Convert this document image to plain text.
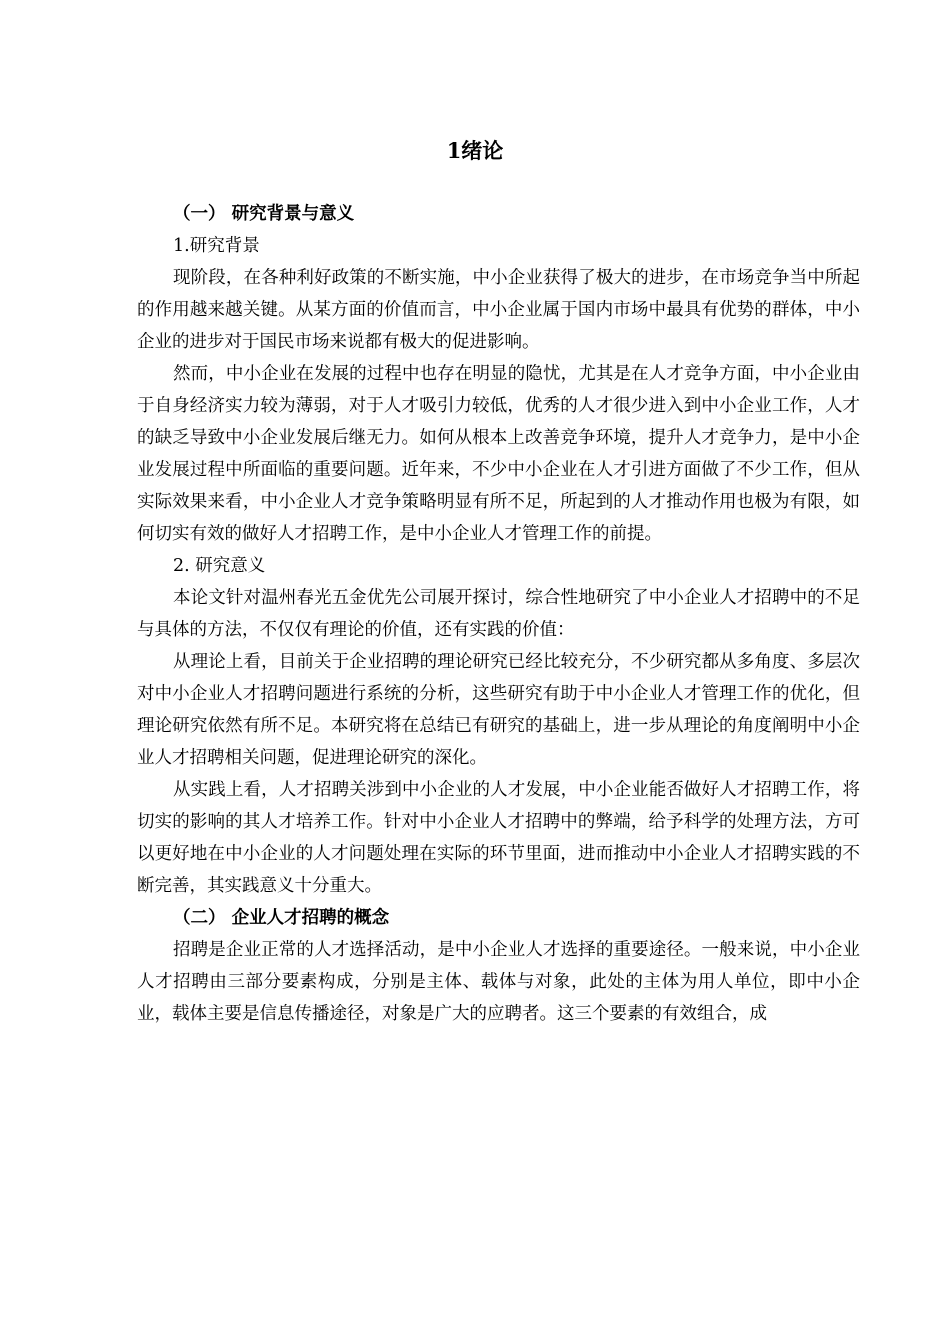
1绪论

（一） 研究背景与意义

1.研究背景

现阶段，在各种利好政策的不断实施，中小企业获得了极大的进步，在市场竞争当中所起的作用越来越关键。从某方面的价值而言，中小企业属于国内市场中最具有优势的群体，中小企业的进步对于国民市场来说都有极大的促进影响。

然而，中小企业在发展的过程中也存在明显的隐忧，尤其是在人才竞争方面，中小企业由于自身经济实力较为薄弱，对于人才吸引力较低，优秀的人才很少进入到中小企业工作，人才的缺乏导致中小企业发展后继无力。如何从根本上改善竞争环境，提升人才竞争力，是中小企业发展过程中所面临的重要问题。近年来，不少中小企业在人才引进方面做了不少工作，但从实际效果来看，中小企业人才竞争策略明显有所不足，所起到的人才推动作用也极为有限，如何切实有效的做好人才招聘工作，是中小企业人才管理工作的前提。

2. 研究意义

本论文针对温州春光五金优先公司展开探讨，综合性地研究了中小企业人才招聘中的不足与具体的方法，不仅仅有理论的价值，还有实践的价值：

从理论上看，目前关于企业招聘的理论研究已经比较充分，不少研究都从多角度、多层次对中小企业人才招聘问题进行系统的分析，这些研究有助于中小企业人才管理工作的优化，但理论研究依然有所不足。本研究将在总结已有研究的基础上，进一步从理论的角度阐明中小企业人才招聘相关问题，促进理论研究的深化。

从实践上看，人才招聘关涉到中小企业的人才发展，中小企业能否做好人才招聘工作，将切实的影响的其人才培养工作。针对中小企业人才招聘中的弊端，给予科学的处理方法，方可以更好地在中小企业的人才问题处理在实际的环节里面，进而推动中小企业人才招聘实践的不断完善，其实践意义十分重大。

（二） 企业人才招聘的概念

招聘是企业正常的人才选择活动，是中小企业人才选择的重要途径。一般来说，中小企业人才招聘由三部分要素构成，分别是主体、载体与对象，此处的主体为用人单位，即中小企业，载体主要是信息传播途径，对象是广大的应聘者。这三个要素的有效组合，成
